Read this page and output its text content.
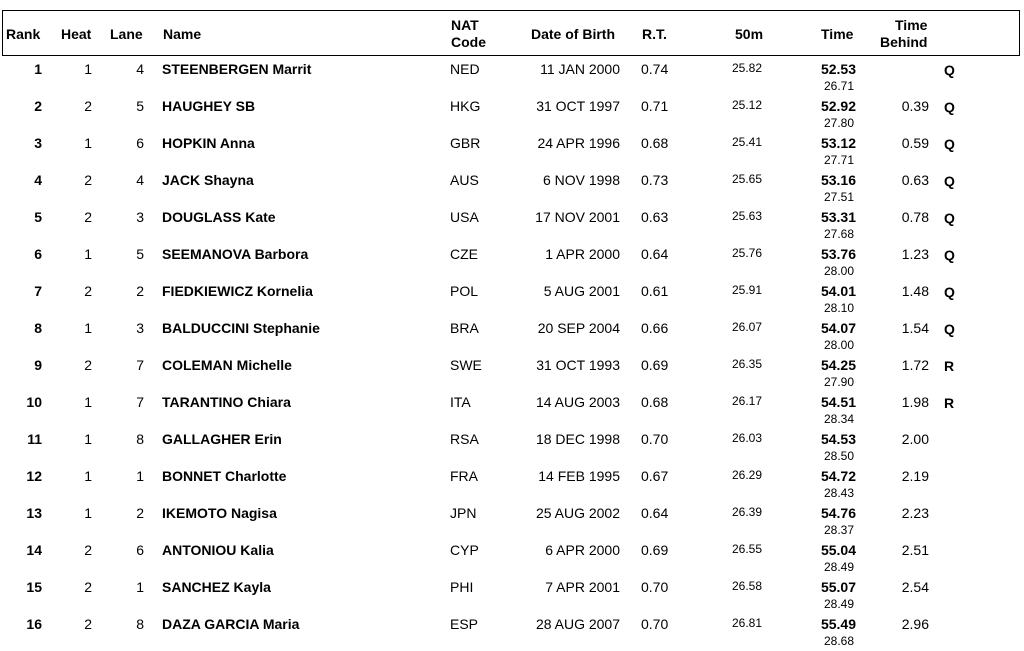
Rank Heat Lane Name
NAT
Code	Date of Birth R.T.	50m	Time
Time
Behind
1	1	4 STEENBERGEN Marrit	NED	11 JAN 2000 0.74	25.82	52.53
26.71
Q
2	2	5 HAUGHEY SB	HKG	31 OCT 1997 0.71	25.12	52.92
27.80
0.39 Q
3	1	6 HOPKIN Anna	GBR	24 APR 1996 0.68	25.41	53.12
27.71
0.59 Q
4	2	4 JACK Shayna	AUS	6 NOV 1998 0.73	25.65	53.16
27.51
0.63 Q
5	2	3 DOUGLASS Kate	USA	17 NOV 2001 0.63	25.63	53.31
27.68
0.78 Q
6	1	5 SEEMANOVA Barbora	CZE	1 APR 2000 0.64	25.76	53.76
28.00
1.23 Q
7	2	2 FIEDKIEWICZ Kornelia	POL	5 AUG 2001 0.61	25.91	54.01
28.10
1.48 Q
8	1	3 BALDUCCINI Stephanie	BRA	20 SEP 2004 0.66	26.07	54.07
28.00
1.54 Q
9	2	7 COLEMAN Michelle	SWE	31 OCT 1993 0.69	26.35	54.25
27.90
1.72 R
10	1	7 TARANTINO Chiara	ITA	14 AUG 2003 0.68	26.17	54.51
28.34
1.98 R
11	1	8 GALLAGHER Erin	RSA	18 DEC 1998 0.70	26.03	54.53
28.50
2.00
12	1	1 BONNET Charlotte	FRA	14 FEB 1995 0.67	26.29	54.72
28.43
2.19
13	1	2 IKEMOTO Nagisa	JPN	25 AUG 2002 0.64	26.39	54.76
28.37
2.23
14	2	6 ANTONIOU Kalia	CYP	6 APR 2000 0.69	26.55	55.04
28.49
2.51
15	2	1 SANCHEZ Kayla	PHI	7 APR 2001 0.70	26.58	55.07
28.49
2.54
16	2	8 DAZA GARCIA Maria	ESP	28 AUG 2007 0.70	26.81	55.49
28.68
2.96
